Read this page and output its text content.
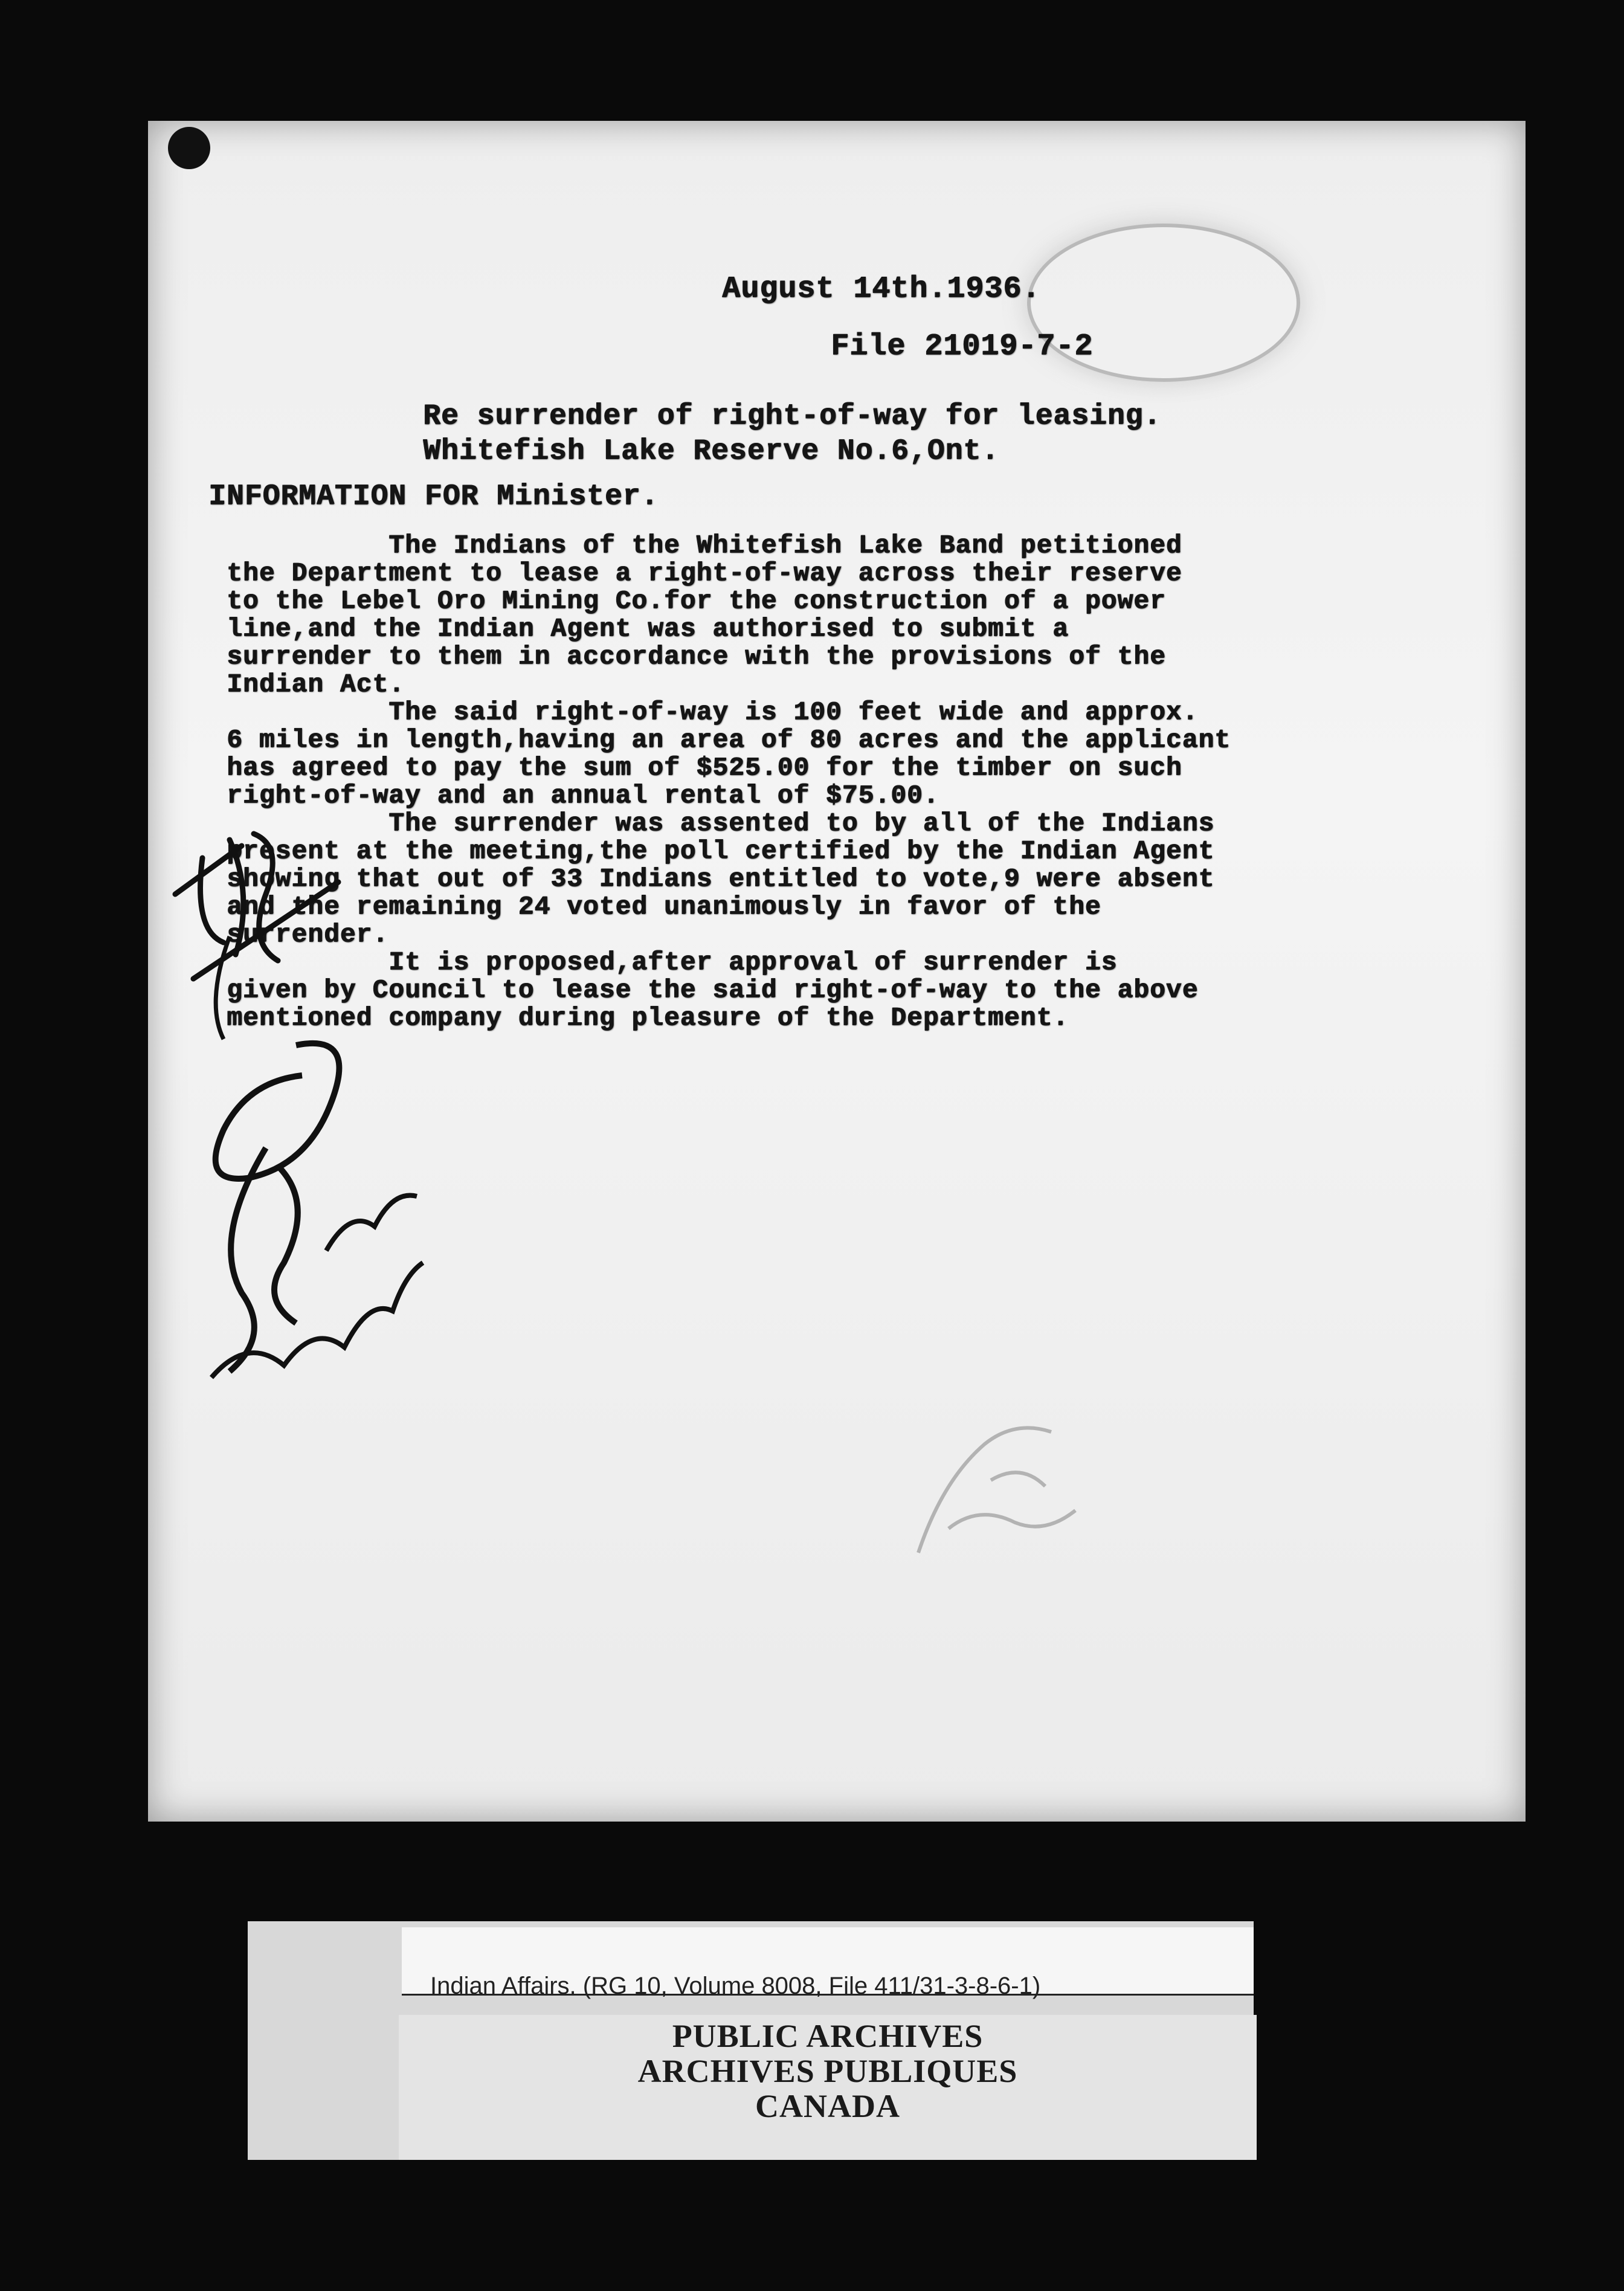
August 14th.1936.

File 21019-7-2

Re surrender of right-of-way for leasing.
Whitefish Lake Reserve No.6,Ont.

INFORMATION FOR Minister.

The Indians of the Whitefish Lake Band petitioned
the Department to lease a right-of-way across their reserve
to the Lebel Oro Mining Co.for the construction of a power
line,and the Indian Agent was authorised to submit a
surrender to them in accordance with the provisions of the
Indian Act.
The said right-of-way is 100 feet wide and approx.
6 miles in length,having an area of 80 acres and the applicant
has agreed to pay the sum of $525.00 for the timber on such
right-of-way and an annual rental of $75.00.
The surrender was assented to by all of the Indians
present at the meeting,the poll certified by the Indian Agent
showing that out of 33 Indians entitled to vote,9 were absent
and the remaining 24 voted unanimously in favor of the
surrender.
It is proposed,after approval of surrender is
given by Council to lease the said right-of-way to the above
mentioned company during pleasure of the Department.

Indian Affairs. (RG 10, Volume 8008, File 411/31-3-8-6-1)

PUBLIC ARCHIVES
ARCHIVES PUBLIQUES
CANADA
